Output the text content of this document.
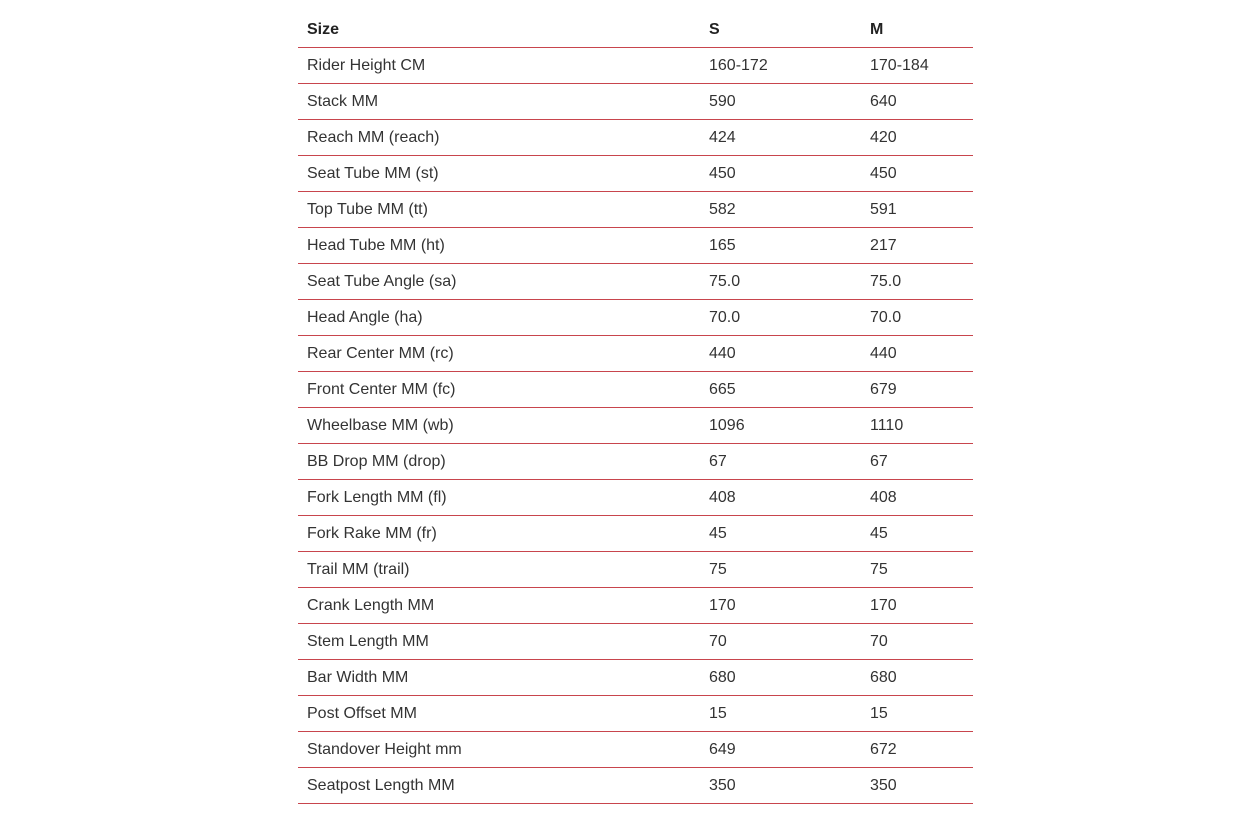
Size	S	M
Rider Height CM	160-172	170-184
Stack MM	590	640
Reach MM (reach)	424	420
Seat Tube MM (st)	450	450
Top Tube MM (tt)	582	591
Head Tube MM (ht)	165	217
Seat Tube Angle (sa)	75.0	75.0
Head Angle (ha)	70.0	70.0
Rear Center MM (rc)	440	440
Front Center MM (fc)	665	679
Wheelbase MM (wb)	1096	1110
BB Drop MM (drop)	67	67
Fork Length MM (fl)	408	408
Fork Rake MM (fr)	45	45
Trail MM (trail)	75	75
Crank Length MM	170	170
Stem Length MM	70	70
Bar Width MM	680	680
Post Offset MM	15	15
Standover Height mm	649	672
Seatpost Length MM	350	350
